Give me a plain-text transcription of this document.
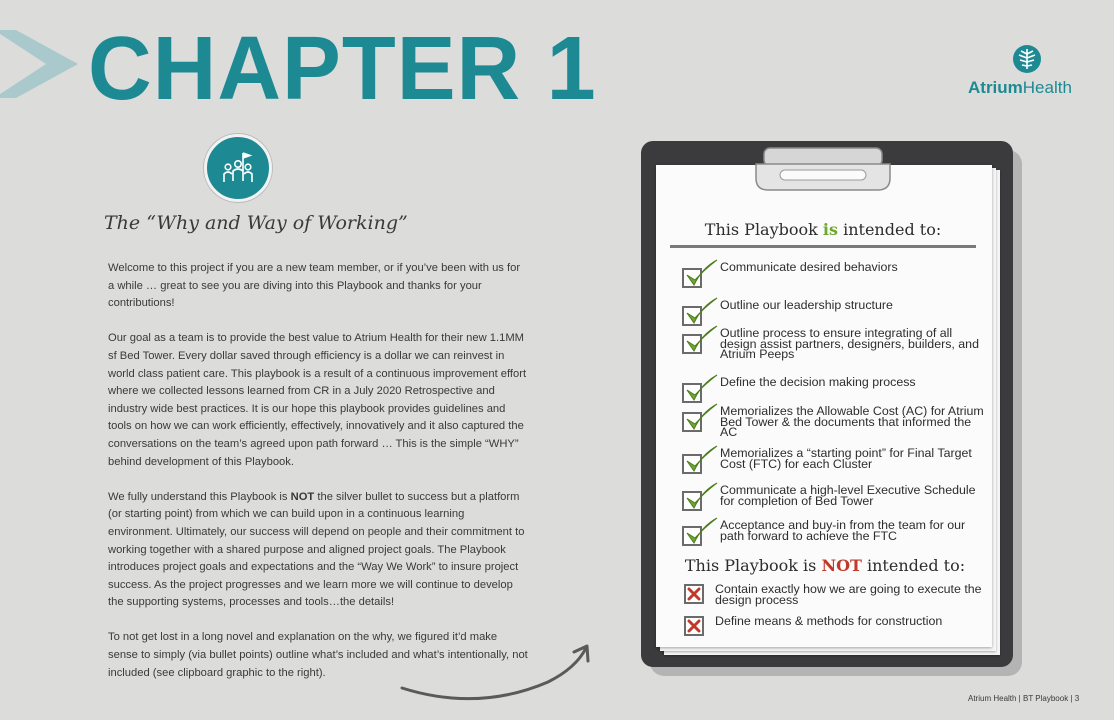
CHAPTER 1	AtriumHealth
The “Why and Way of Working”

Welcome to this project if you are a new team member, or if you’ve been with us for a while … great to see you are diving into this Playbook and thanks for your contributions!

Our goal as a team is to provide the best value to Atrium Health for their new 1.1MM sf Bed Tower. Every dollar saved through efficiency is a dollar we can reinvest in world class patient care. This playbook is a result of a continuous improvement effort where we collected lessons learned from CR in a July 2020 Retrospective and industry wide best practices. It is our hope this playbook provides guidelines and tools on how we can work efficiently, effectively, innovatively and it also captured the conversations on the team’s agreed upon path forward … This is the simple “WHY” behind development of this Playbook.

We fully understand this Playbook is NOT the silver bullet to success but a platform (or starting point) from which we can build upon in a continuous learning environment. Ultimately, our success will depend on people and their commitment to working together with a shared purpose and aligned project goals. The Playbook introduces project goals and expectations and the “Way We Work” to insure project success. As the project progresses and we learn more we will continue to develop the supporting systems, processes and tools…the details!

To not get lost in a long novel and explanation on the why, we figured it’d make sense to simply (via bullet points) outline what’s included and what’s intentionally, not included (see clipboard graphic to the right).

This Playbook is intended to:
Communicate desired behaviors
Outline our leadership structure
Outline process to ensure integrating of all design assist partners, designers, builders, and Atrium Peeps
Define the decision making process
Memorializes the Allowable Cost (AC) for Atrium Bed Tower & the documents that informed the AC
Memorializes a “starting point” for Final Target Cost (FTC) for each Cluster
Communicate a high-level Executive Schedule for completion of Bed Tower
Acceptance and buy-in from the team for our path forward to achieve the FTC
This Playbook is NOT intended to:
Contain exactly how we are going to execute the design process
Define means & methods for construction
Atrium Health | BT Playbook | 3
